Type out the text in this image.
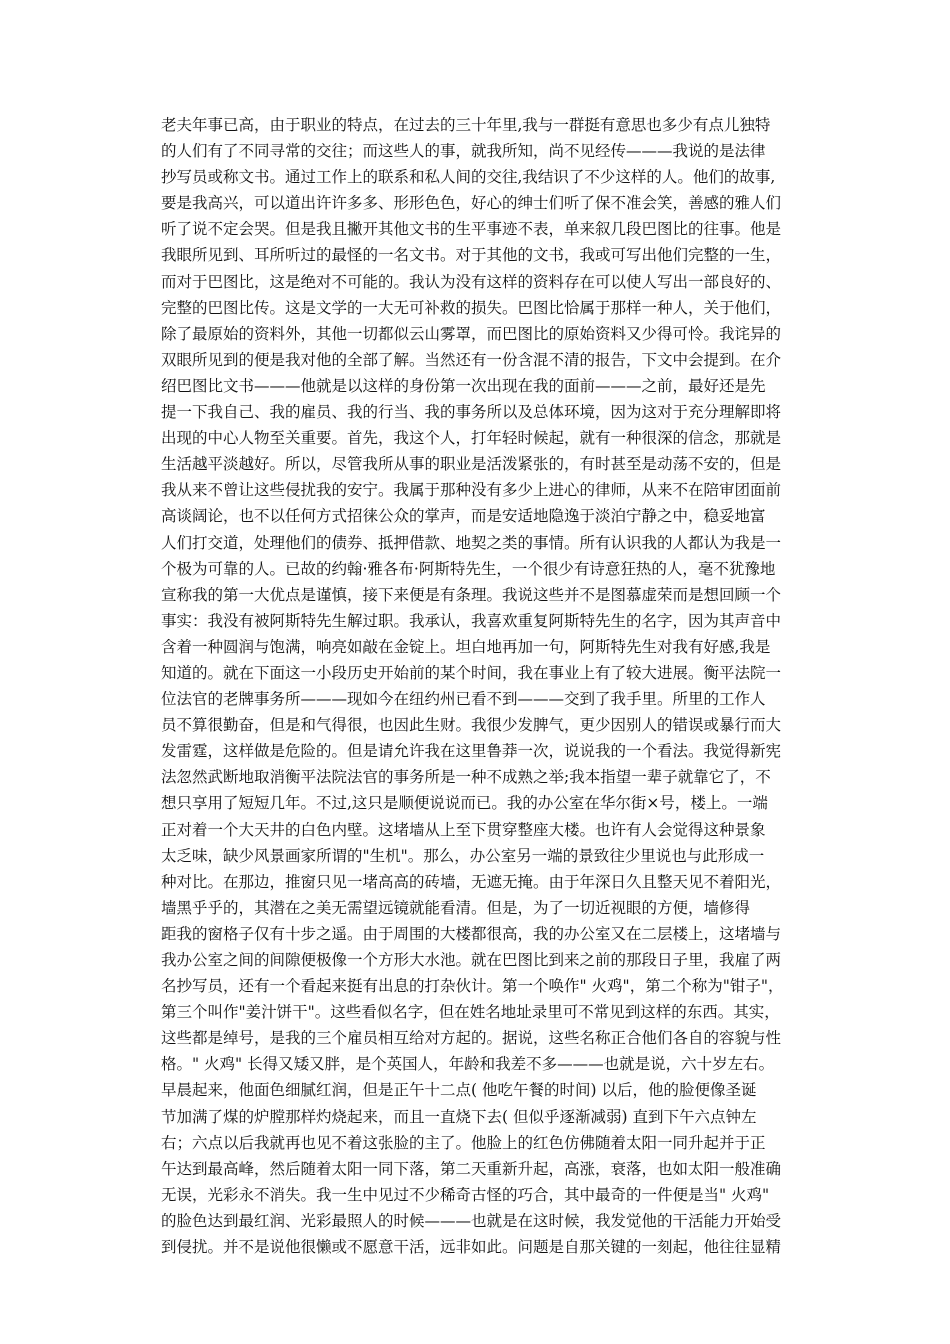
老夫年事已高，由于职业的特点，在过去的三十年里,我与一群挺有意思也多少有点儿独特
的人们有了不同寻常的交往；而这些人的事，就我所知，尚不见经传———我说的是法律
抄写员或称文书。通过工作上的联系和私人间的交往,我结识了不少这样的人。他们的故事,
要是我高兴，可以道出许许多多、形形色色，好心的绅士们听了保不准会笑，善感的雅人们
听了说不定会哭。但是我且撇开其他文书的生平事迹不表，单来叙几段巴图比的往事。他是
我眼所见到、耳所听过的最怪的一名文书。对于其他的文书，我或可写出他们完整的一生，
而对于巴图比，这是绝对不可能的。我认为没有这样的资料存在可以使人写出一部良好的、
完整的巴图比传。这是文学的一大无可补救的损失。巴图比恰属于那样一种人，关于他们，
除了最原始的资料外，其他一切都似云山雾罩，而巴图比的原始资料又少得可怜。我诧异的
双眼所见到的便是我对他的全部了解。当然还有一份含混不清的报告，下文中会提到。在介
绍巴图比文书———他就是以这样的身份第一次出现在我的面前———之前，最好还是先
提一下我自己、我的雇员、我的行当、我的事务所以及总体环境，因为这对于充分理解即将
出现的中心人物至关重要。首先，我这个人，打年轻时候起，就有一种很深的信念，那就是
生活越平淡越好。所以，尽管我所从事的职业是活泼紧张的，有时甚至是动荡不安的，但是
我从来不曾让这些侵扰我的安宁。我属于那种没有多少上进心的律师，从来不在陪审团面前
高谈阔论，也不以任何方式招徕公众的掌声，而是安适地隐逸于淡泊宁静之中，稳妥地富
人们打交道，处理他们的债券、抵押借款、地契之类的事情。所有认识我的人都认为我是一
个极为可靠的人。已故的约翰·雅各布·阿斯特先生，一个很少有诗意狂热的人，毫不犹豫地
宣称我的第一大优点是谨慎，接下来便是有条理。我说这些并不是图慕虚荣而是想回顾一个
事实：我没有被阿斯特先生解过职。我承认，我喜欢重复阿斯特先生的名字，因为其声音中
含着一种圆润与饱满，响亮如敲在金锭上。坦白地再加一句，阿斯特先生对我有好感,我是
知道的。就在下面这一小段历史开始前的某个时间，我在事业上有了较大进展。衡平法院一
位法官的老牌事务所———现如今在纽约州已看不到———交到了我手里。所里的工作人
员不算很勤奋，但是和气得很，也因此生财。我很少发脾气，更少因别人的错误或暴行而大
发雷霆，这样做是危险的。但是请允许我在这里鲁莽一次，说说我的一个看法。我觉得新宪
法忽然武断地取消衡平法院法官的事务所是一种不成熟之举;我本指望一辈子就靠它了，不
想只享用了短短几年。不过,这只是顺便说说而已。我的办公室在华尔街×号，楼上。一端
正对着一个大天井的白色内壁。这堵墙从上至下贯穿整座大楼。也许有人会觉得这种景象
太乏味，缺少风景画家所谓的"生机"。那么，办公室另一端的景致往少里说也与此形成一
种对比。在那边，推窗只见一堵高高的砖墙，无遮无掩。由于年深日久且整天见不着阳光，
墙黑乎乎的，其潜在之美无需望远镜就能看清。但是，为了一切近视眼的方便，墙修得
距我的窗格子仅有十步之遥。由于周围的大楼都很高，我的办公室又在二层楼上，这堵墙与
我办公室之间的间隙便极像一个方形大水池。就在巴图比到来之前的那段日子里，我雇了两
名抄写员，还有一个看起来挺有出息的打杂伙计。第一个唤作" 火鸡"，第二个称为"钳子"，
第三个叫作"姜汁饼干"。这些看似名字，但在姓名地址录里可不常见到这样的东西。其实，
这些都是绰号，是我的三个雇员相互给对方起的。据说，这些名称正合他们各自的容貌与性
格。" 火鸡" 长得又矮又胖，是个英国人，年龄和我差不多———也就是说，六十岁左右。
早晨起来，他面色细腻红润，但是正午十二点( 他吃午餐的时间) 以后，他的脸便像圣诞
节加满了煤的炉膛那样灼烧起来，而且一直烧下去( 但似乎逐渐减弱) 直到下午六点钟左
右；六点以后我就再也见不着这张脸的主了。他脸上的红色仿佛随着太阳一同升起并于正
午达到最高峰，然后随着太阳一同下落，第二天重新升起，高涨，衰落，也如太阳一般准确
无误，光彩永不消失。我一生中见过不少稀奇古怪的巧合，其中最奇的一件便是当" 火鸡"
的脸色达到最红润、光彩最照人的时候———也就是在这时候，我发觉他的干活能力开始受
到侵扰。并不是说他很懒或不愿意干活，远非如此。问题是自那关键的一刻起，他往往显精
